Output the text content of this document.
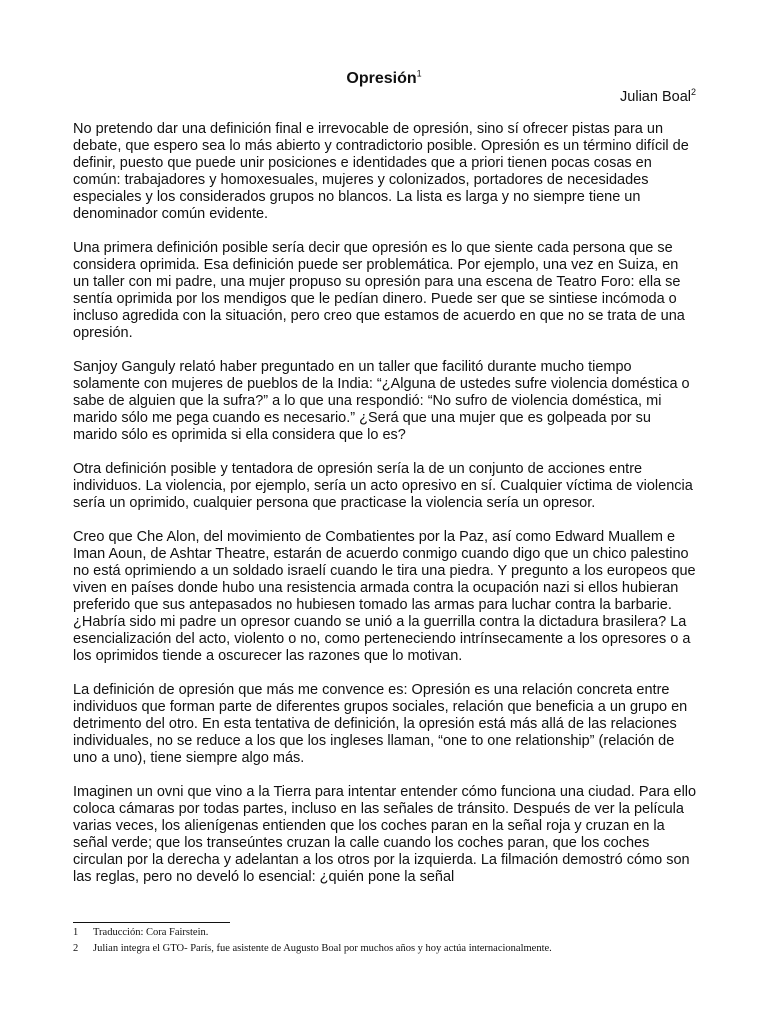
Opresión$^1$
Julian Boal$^2$

No pretendo dar una definición final e irrevocable de opresión, sino sí ofrecer pistas para un debate, que espero sea lo más abierto y contradictorio posible. Opresión es un término difícil de definir, puesto que puede unir posiciones e identidades que a priori tienen pocas cosas en común: trabajadores y homoxesuales, mujeres y colonizados, portadores de necesidades especiales y los considerados grupos no blancos. La lista es larga y no siempre tiene un denominador común evidente.

Una primera definición posible sería decir que opresión es lo que siente cada persona que se considera oprimida. Esa definición puede ser problemática. Por ejemplo, una vez en Suiza, en un taller con mi padre, una mujer propuso su opresión para una escena de Teatro Foro: ella se sentía oprimida por los mendigos que le pedían dinero. Puede ser que se sintiese incómoda o incluso agredida con la situación, pero creo que estamos de acuerdo en que no se trata de una opresión.

Sanjoy Ganguly relató haber preguntado en un taller que facilitó durante mucho tiempo solamente con mujeres de pueblos de la India: “¿Alguna de ustedes sufre violencia doméstica o sabe de alguien que la sufra?” a lo que una respondió: “No sufro de violencia doméstica, mi marido sólo me pega cuando es necesario.” ¿Será que una mujer que es golpeada por su marido sólo es oprimida si ella considera que lo es?

Otra definición posible y tentadora de opresión sería la de un conjunto de acciones entre individuos. La violencia, por ejemplo, sería un acto opresivo en sí. Cualquier víctima de violencia sería un oprimido, cualquier persona que practicase la violencia sería un opresor.

Creo que Che Alon, del movimiento de Combatientes por la Paz, así como Edward Muallem e Iman Aoun, de Ashtar Theatre, estarán de acuerdo conmigo cuando digo que un chico palestino no está oprimiendo a un soldado israelí cuando le tira una piedra. Y pregunto a los europeos que viven en países donde hubo una resistencia armada contra la ocupación nazi si ellos hubieran preferido que sus antepasados no hubiesen tomado las armas para luchar contra la barbarie. ¿Habría sido mi padre un opresor cuando se unió a la guerrilla contra la dictadura brasilera? La esencialización del acto, violento o no, como perteneciendo intrínsecamente a los opresores o a los oprimidos tiende a oscurecer las razones que lo motivan.

La definición de opresión que más me convence es: Opresión es una relación concreta entre individuos que forman parte de diferentes grupos sociales, relación que beneficia a un grupo en detrimento del otro. En esta tentativa de definición, la opresión está más allá de las relaciones individuales, no se reduce a los que los ingleses llaman, “one to one relationship” (relación de uno a uno), tiene siempre algo más.

Imaginen un ovni que vino a la Tierra para intentar entender cómo funciona una ciudad. Para ello coloca cámaras por todas partes, incluso en las señales de tránsito. Después de ver la película varias veces, los alienígenas entienden que los coches paran en la señal roja y cruzan en la señal verde; que los transeúntes cruzan la calle cuando los coches paran, que los coches circulan por la derecha y adelantan a los otros por la izquierda. La filmación demostró cómo son las reglas, pero no develó lo esencial: ¿quién pone la señal

1	Traducción: Cora Fairstein.
2	Julian integra el GTO- París, fue asistente de Augusto Boal por muchos años y hoy actúa internacionalmente.
